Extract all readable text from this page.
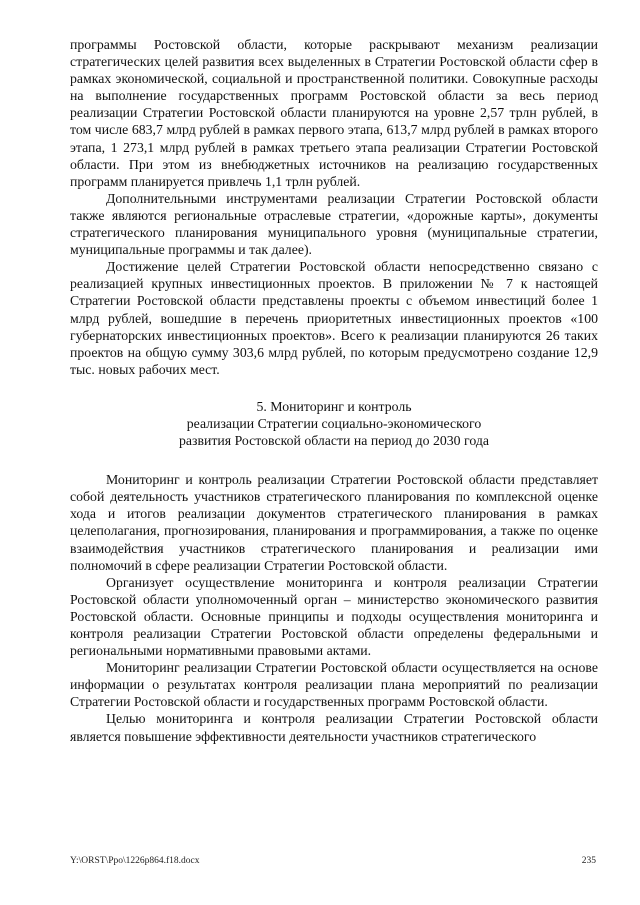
программы Ростовской области, которые раскрывают механизм реализации стратегических целей развития всех выделенных в Стратегии Ростовской области сфер в рамках экономической, социальной и пространственной политики. Совокупные расходы на выполнение государственных программ Ростовской области за весь период реализации Стратегии Ростовской области планируются на уровне 2,57 трлн рублей, в том числе 683,7 млрд рублей в рамках первого этапа, 613,7 млрд рублей в рамках второго этапа, 1 273,1 млрд рублей в рамках третьего этапа реализации Стратегии Ростовской области. При этом из внебюджетных источников на реализацию государственных программ планируется привлечь 1,1 трлн рублей.

Дополнительными инструментами реализации Стратегии Ростовской области также являются региональные отраслевые стратегии, «дорожные карты», документы стратегического планирования муниципального уровня (муниципальные стратегии, муниципальные программы и так далее).

Достижение целей Стратегии Ростовской области непосредственно связано с реализацией крупных инвестиционных проектов. В приложении № 7 к настоящей Стратегии Ростовской области представлены проекты с объемом инвестиций более 1 млрд рублей, вошедшие в перечень приоритетных инвестиционных проектов «100 губернаторских инвестиционных проектов». Всего к реализации планируются 26 таких проектов на общую сумму 303,6 млрд рублей, по которым предусмотрено создание 12,9 тыс. новых рабочих мест.

5. Мониторинг и контроль
реализации Стратегии социально-экономического
развития Ростовской области на период до 2030 года

Мониторинг и контроль реализации Стратегии Ростовской области представляет собой деятельность участников стратегического планирования по комплексной оценке хода и итогов реализации документов стратегического планирования в рамках целеполагания, прогнозирования, планирования и программирования, а также по оценке взаимодействия участников стратегического планирования и реализации ими полномочий в сфере реализации Стратегии Ростовской области.

Организует осуществление мониторинга и контроля реализации Стратегии Ростовской области уполномоченный орган – министерство экономического развития Ростовской области. Основные принципы и подходы осуществления мониторинга и контроля реализации Стратегии Ростовской области определены федеральными и региональными нормативными правовыми актами.

Мониторинг реализации Стратегии Ростовской области осуществляется на основе информации о результатах контроля реализации плана мероприятий по реализации Стратегии Ростовской области и государственных программ Ростовской области.

Целью мониторинга и контроля реализации Стратегии Ростовской области является повышение эффективности деятельности участников стратегического

Y:\ORST\Ppo\1226p864.f18.docx	235
